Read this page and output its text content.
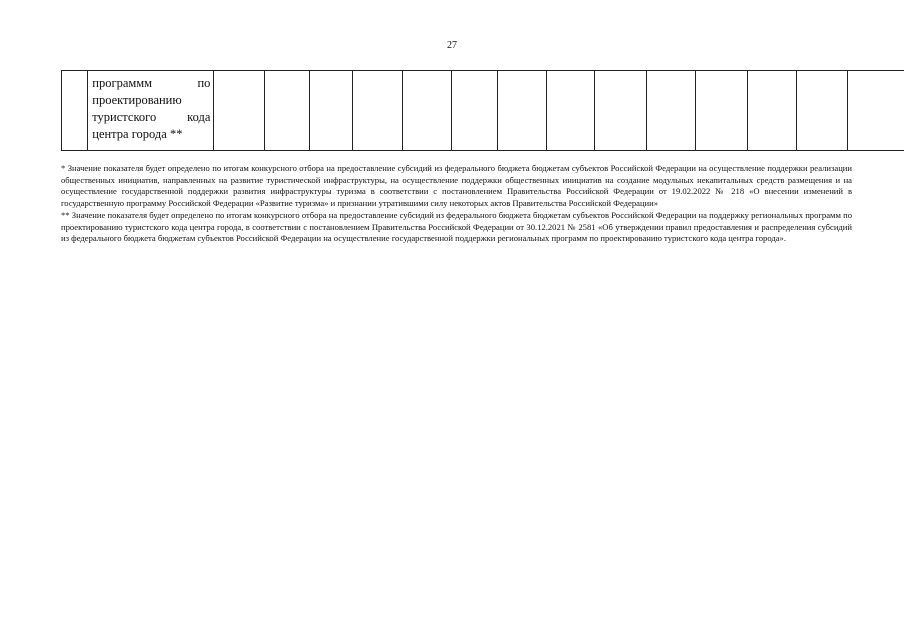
27

программм по
проектированию
туристского кода
центра города **

* Значение показателя будет определено по итогам конкурсного отбора на предоставление субсидий из федерального бюджета бюджетам субъектов Российской Федерации на осуществление поддержки реализации общественных инициатив, направленных на развитие туристической инфраструктуры, на осуществление поддержки общественных инициатив на создание модульных некапитальных средств размещения и на осуществление государственной поддержки развития инфраструктуры туризма в соответствии с постановлением Правительства Российской Федерации от 19.02.2022 № 218 «О внесении изменений в государственную программу Российской Федерации «Развитие туризма» и признании утратившими силу некоторых актов Правительства Российской Федерации»

** Значение показателя будет определено по итогам конкурсного отбора на предоставление субсидий из федерального бюджета бюджетам субъектов Российской Федерации на поддержку региональных программ по проектированию туристского кода центра города, в соответствии с постановлением Правительства Российской Федерации от 30.12.2021 № 2581 «Об утверждении правил предоставления и распределения субсидий из федерального бюджета бюджетам субъектов Российской Федерации на осуществление государственной поддержки региональных программ по проектированию туристского кода центра города».
